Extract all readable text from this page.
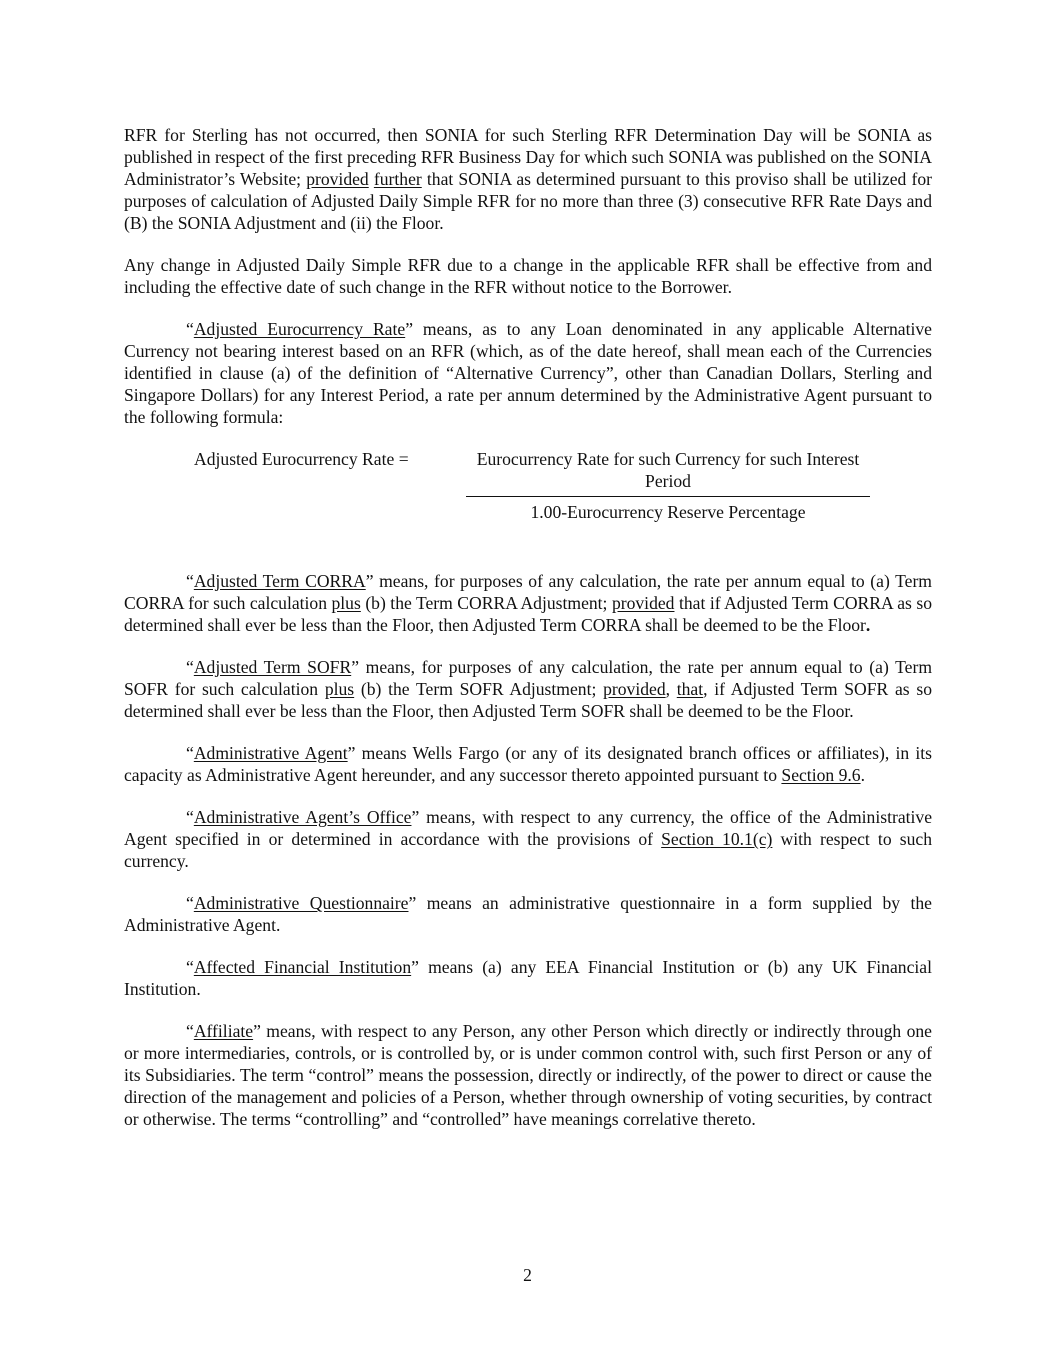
RFR for Sterling has not occurred, then SONIA for such Sterling RFR Determination Day will be SONIA as published in respect of the first preceding RFR Business Day for which such SONIA was published on the SONIA Administrator’s Website; provided further that SONIA as determined pursuant to this proviso shall be utilized for purposes of calculation of Adjusted Daily Simple RFR for no more than three (3) consecutive RFR Rate Days and (B) the SONIA Adjustment and (ii) the Floor.

Any change in Adjusted Daily Simple RFR due to a change in the applicable RFR shall be effective from and including the effective date of such change in the RFR without notice to the Borrower.

“Adjusted Eurocurrency Rate” means, as to any Loan denominated in any applicable Alternative Currency not bearing interest based on an RFR (which, as of the date hereof, shall mean each of the Currencies identified in clause (a) of the definition of “Alternative Currency”, other than Canadian Dollars, Sterling and Singapore Dollars) for any Interest Period, a rate per annum determined by the Administrative Agent pursuant to the following formula:

Adjusted Eurocurrency Rate =	Eurocurrency Rate for such Currency for such Interest Period
1.00-Eurocurrency Reserve Percentage

“Adjusted Term CORRA” means, for purposes of any calculation, the rate per annum equal to (a) Term CORRA for such calculation plus (b) the Term CORRA Adjustment; provided that if Adjusted Term CORRA as so determined shall ever be less than the Floor, then Adjusted Term CORRA shall be deemed to be the Floor.

“Adjusted Term SOFR” means, for purposes of any calculation, the rate per annum equal to (a) Term SOFR for such calculation plus (b) the Term SOFR Adjustment; provided, that, if Adjusted Term SOFR as so determined shall ever be less than the Floor, then Adjusted Term SOFR shall be deemed to be the Floor.

“Administrative Agent” means Wells Fargo (or any of its designated branch offices or affiliates), in its capacity as Administrative Agent hereunder, and any successor thereto appointed pursuant to Section 9.6.

“Administrative Agent’s Office” means, with respect to any currency, the office of the Administrative Agent specified in or determined in accordance with the provisions of Section 10.1(c) with respect to such currency.

“Administrative Questionnaire” means an administrative questionnaire in a form supplied by the Administrative Agent.

“Affected Financial Institution” means (a) any EEA Financial Institution or (b) any UK Financial Institution.

“Affiliate” means, with respect to any Person, any other Person which directly or indirectly through one or more intermediaries, controls, or is controlled by, or is under common control with, such first Person or any of its Subsidiaries. The term “control” means the possession, directly or indirectly, of the power to direct or cause the direction of the management and policies of a Person, whether through ownership of voting securities, by contract or otherwise. The terms “controlling” and “controlled” have meanings correlative thereto.

2
